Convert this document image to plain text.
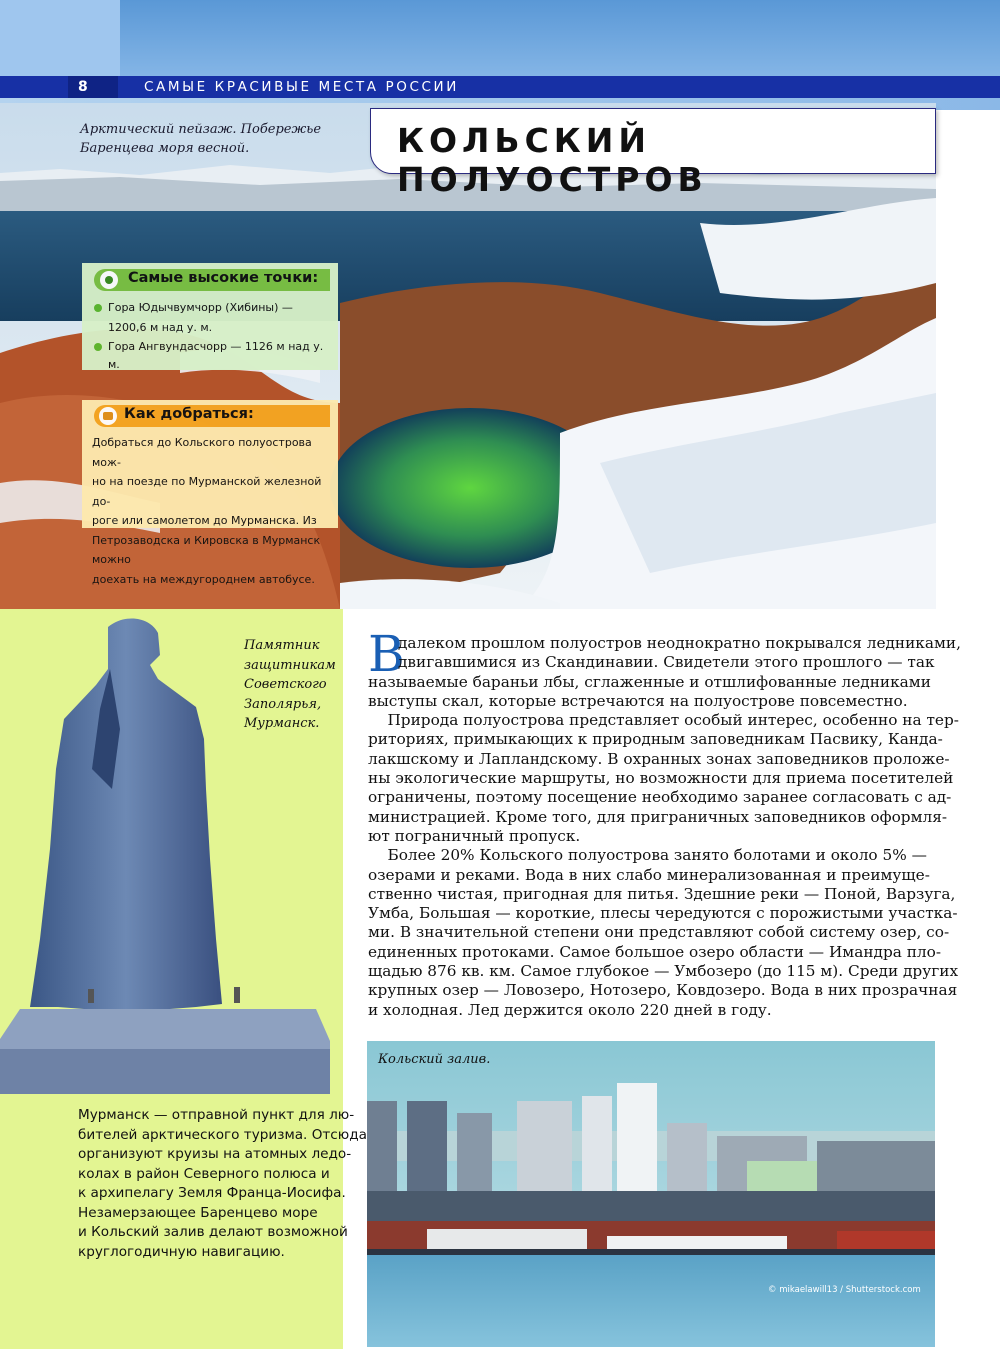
8	САМЫЕ КРАСИВЫЕ МЕСТА РОССИИ
КОЛЬСКИЙ ПОЛУОСТРОВ
Арктический пейзаж. Побережье
Баренцева моря весной.
Самые высокие точки:
Гора Юдычвумчорр (Хибины) —
1200,6 м над у. м.
Гора Ангвундасчорр — 1126 м над у. м.
Как добраться:
Добраться до Кольского полуострова мож-
но на поезде по Мурманской железной до-
роге или самолетом до Мурманска. Из
Петрозаводска и Кировска в Мурманск можно
доехать на междугороднем автобусе.
Памятник
защитникам
Советского
Заполярья,
Мурманск.
Мурманск — отправной пункт для лю-
бителей арктического туризма. Отсюда
организуют круизы на атомных ледо-
колах в район Северного полюса и
к архипелагу Земля Франца-Иосифа.
Незамерзающее Баренцево море
и Кольский залив делают возможной
круглогодичную навигацию.
В
далеком прошлом полуостров неоднократно покрывался ледниками,
двигавшимися из Скандинавии. Свидетели этого прошлого — так
называемые бараньи лбы, сглаженные и отшлифованные ледниками
выступы скал, которые встречаются на полуострове повсеместно.
Природа полуострова представляет особый интерес, особенно на тер-
риториях, примыкающих к природным заповедникам Пасвику, Канда-
лакшскому и Лапландскому. В охранных зонах заповедников проложе-
ны экологические маршруты, но возможности для приема посетителей
ограничены, поэтому посещение необходимо заранее согласовать с ад-
министрацией. Кроме того, для приграничных заповедников оформля-
ют пограничный пропуск.
Более 20% Кольского полуострова занято болотами и около 5% —
озерами и реками. Вода в них слабо минерализованная и преимуще-
ственно чистая, пригодная для питья. Здешние реки — Поной, Варзуга,
Умба, Большая — короткие, плесы чередуются с порожистыми участка-
ми. В значительной степени они представляют собой систему озер, со-
единенных протоками. Самое большое озеро области — Имандра пло-
щадью 876 кв. км. Самое глубокое — Умбозеро (до 115 м). Среди других
крупных озер — Ловозеро, Нотозеро, Ковдозеро. Вода в них прозрачная
и холодная. Лед держится около 220 дней в году.
Кольский залив.
© mikaelawill13 / Shutterstock.com
